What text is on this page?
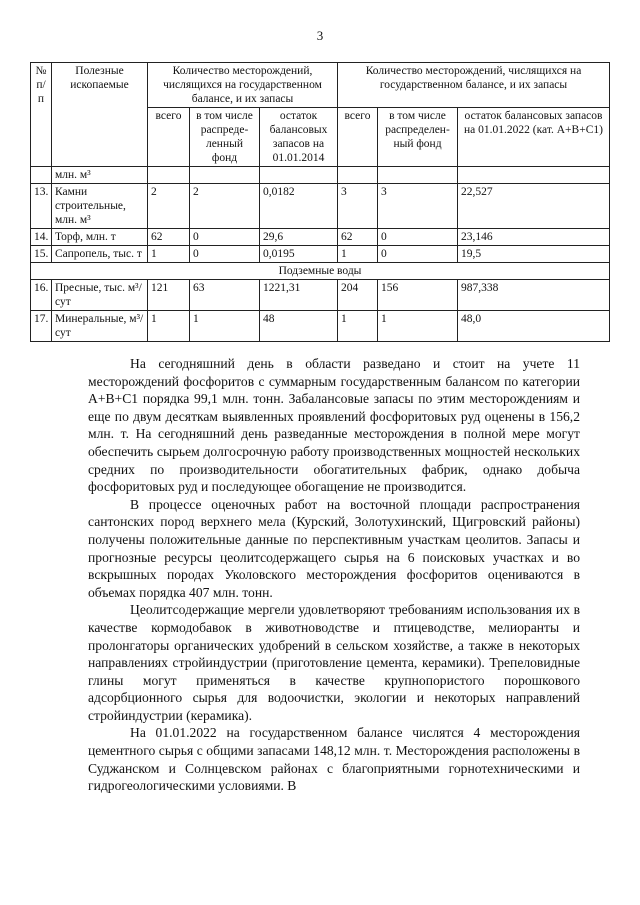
3
№ п/п	Полезные ископаемые	Количество месторождений, числящихся на государственном балансе, и их запасы			Количество месторождений, числящихся на государственном балансе, и их запасы		
		всего	в том числе распреде-ленный фонд	остаток балансовых запасов на 01.01.2014	всего	в том числе распределен-ный фонд	остаток балансовых запасов на 01.01.2022 (кат. А+В+С1)
	млн. м³						
13.	Камни строительные, млн. м³	2	2	0,0182	3	3	22,527
14.	Торф, млн. т	62	0	29,6	62	0	23,146
15.	Сапропель, тыс. т	1	0	0,0195	1	0	19,5
Подземные воды							
16.	Пресные, тыс. м³/сут	121	63	1221,31	204	156	987,338
17.	Минеральные, м³/сут	1	1	48	1	1	48,0

На сегодняшний день в области разведано и стоит на учете 11 месторождений фосфоритов с суммарным государственным балансом по категории А+В+С1 порядка 99,1 млн. тонн. Забалансовые запасы по этим месторождениям и еще по двум десяткам выявленных проявлений фосфоритовых руд оценены в 156,2 млн. т. На сегодняшний день разведанные месторождения в полной мере могут обеспечить сырьем долгосрочную работу производственных мощностей нескольких средних по производительности обогатительных фабрик, однако добыча фосфоритовых руд и последующее обогащение не производится.

В процессе оценочных работ на восточной площади распространения сантонских пород верхнего мела (Курский, Золотухинский, Щигровский районы) получены положительные данные по перспективным участкам цеолитов. Запасы и прогнозные ресурсы цеолитсодержащего сырья на 6 поисковых участках и во вскрышных породах Уколовского месторождения фосфоритов оцениваются в объемах порядка 407 млн. тонн.

Цеолитсодержащие мергели удовлетворяют требованиям использования их в качестве кормодобавок в животноводстве и птицеводстве, мелиоранты и пролонгаторы органических удобрений в сельском хозяйстве, а также в некоторых направлениях стройиндустрии (приготовление цемента, керамики). Трепеловидные глины могут применяться в качестве крупнопористого порошкового адсорбционного сырья для водоочистки, экологии и некоторых направлений стройиндустрии (керамика).

На 01.01.2022 на государственном балансе числятся 4 месторождения цементного сырья с общими запасами 148,12 млн. т. Месторождения расположены в Суджанском и Солнцевском районах с благоприятными горнотехническими и гидрогеологическими условиями. В
